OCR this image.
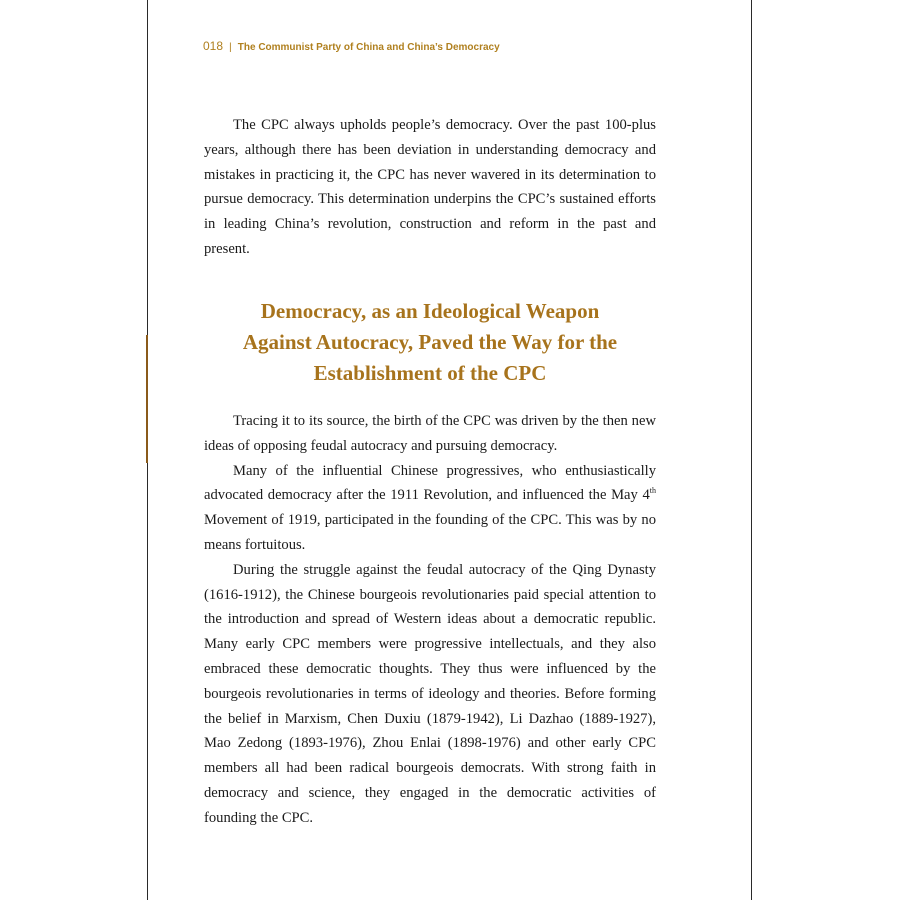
018 | The Communist Party of China and China’s Democracy

The CPC always upholds people’s democracy. Over the past 100-plus years, although there has been deviation in understanding democracy and mistakes in practicing it, the CPC has never wavered in its determination to pursue democracy. This determination underpins the CPC’s sustained efforts in leading China’s revolution, construction and reform in the past and present.

Democracy, as an Ideological Weapon
Against Autocracy, Paved the Way for the
Establishment of the CPC

Tracing it to its source, the birth of the CPC was driven by the then new ideas of opposing feudal autocracy and pursuing democracy.

Many of the influential Chinese progressives, who enthusiastically advocated democracy after the 1911 Revolution, and influenced the May 4th Movement of 1919, participated in the founding of the CPC. This was by no means fortuitous.

During the struggle against the feudal autocracy of the Qing Dynasty (1616-1912), the Chinese bourgeois revolutionaries paid special attention to the introduction and spread of Western ideas about a democratic republic. Many early CPC members were progressive intellectuals, and they also embraced these democratic thoughts. They thus were influenced by the bourgeois revolutionaries in terms of ideology and theories. Before forming the belief in Marxism, Chen Duxiu (1879-1942), Li Dazhao (1889-1927), Mao Zedong (1893-1976), Zhou Enlai (1898-1976) and other early CPC members all had been radical bourgeois democrats. With strong faith in democracy and science, they engaged in the democratic activities of founding the CPC.
